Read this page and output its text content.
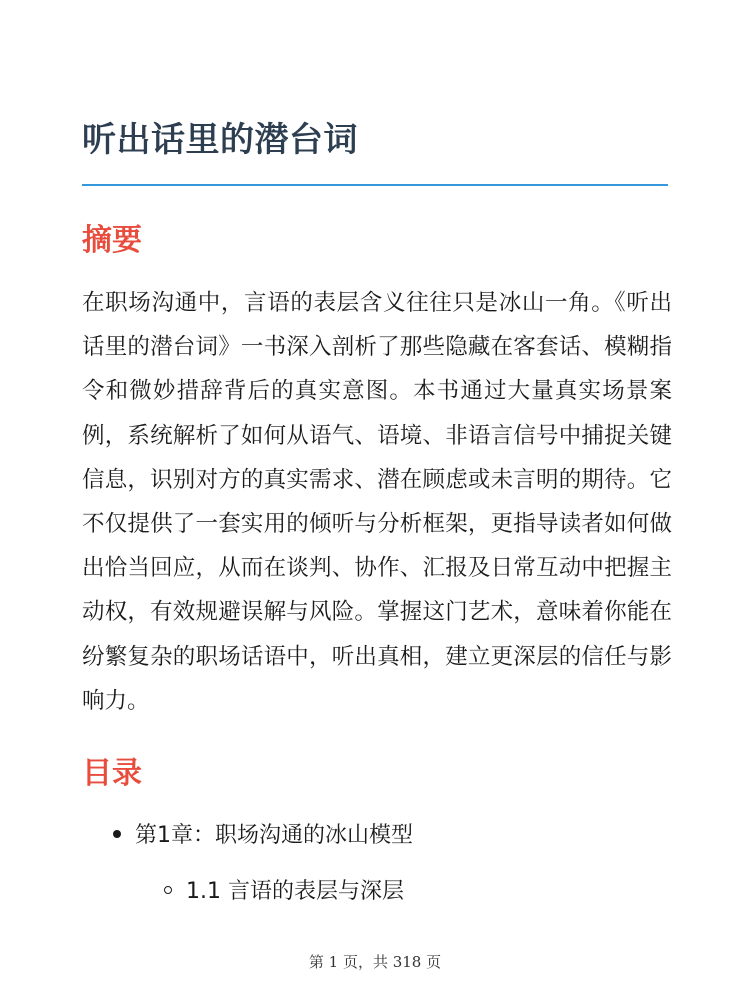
听出话里的潜台词
摘要

在职场沟通中，言语的表层含义往往只是冰山一角。《听出话里的潜台词》一书深入剖析了那些隐藏在客套话、模糊指令和微妙措辞背后的真实意图。本书通过大量真实场景案例，系统解析了如何从语气、语境、非语言信号中捕捉关键信息，识别对方的真实需求、潜在顾虑或未言明的期待。它不仅提供了一套实用的倾听与分析框架，更指导读者如何做出恰当回应，从而在谈判、协作、汇报及日常互动中把握主动权，有效规避误解与风险。掌握这门艺术，意味着你能在纷繁复杂的职场话语中，听出真相，建立更深层的信任与影响力。

目录
第1章：职场沟通的冰山模型
1.1 言语的表层与深层
第 1 页，共 318 页
